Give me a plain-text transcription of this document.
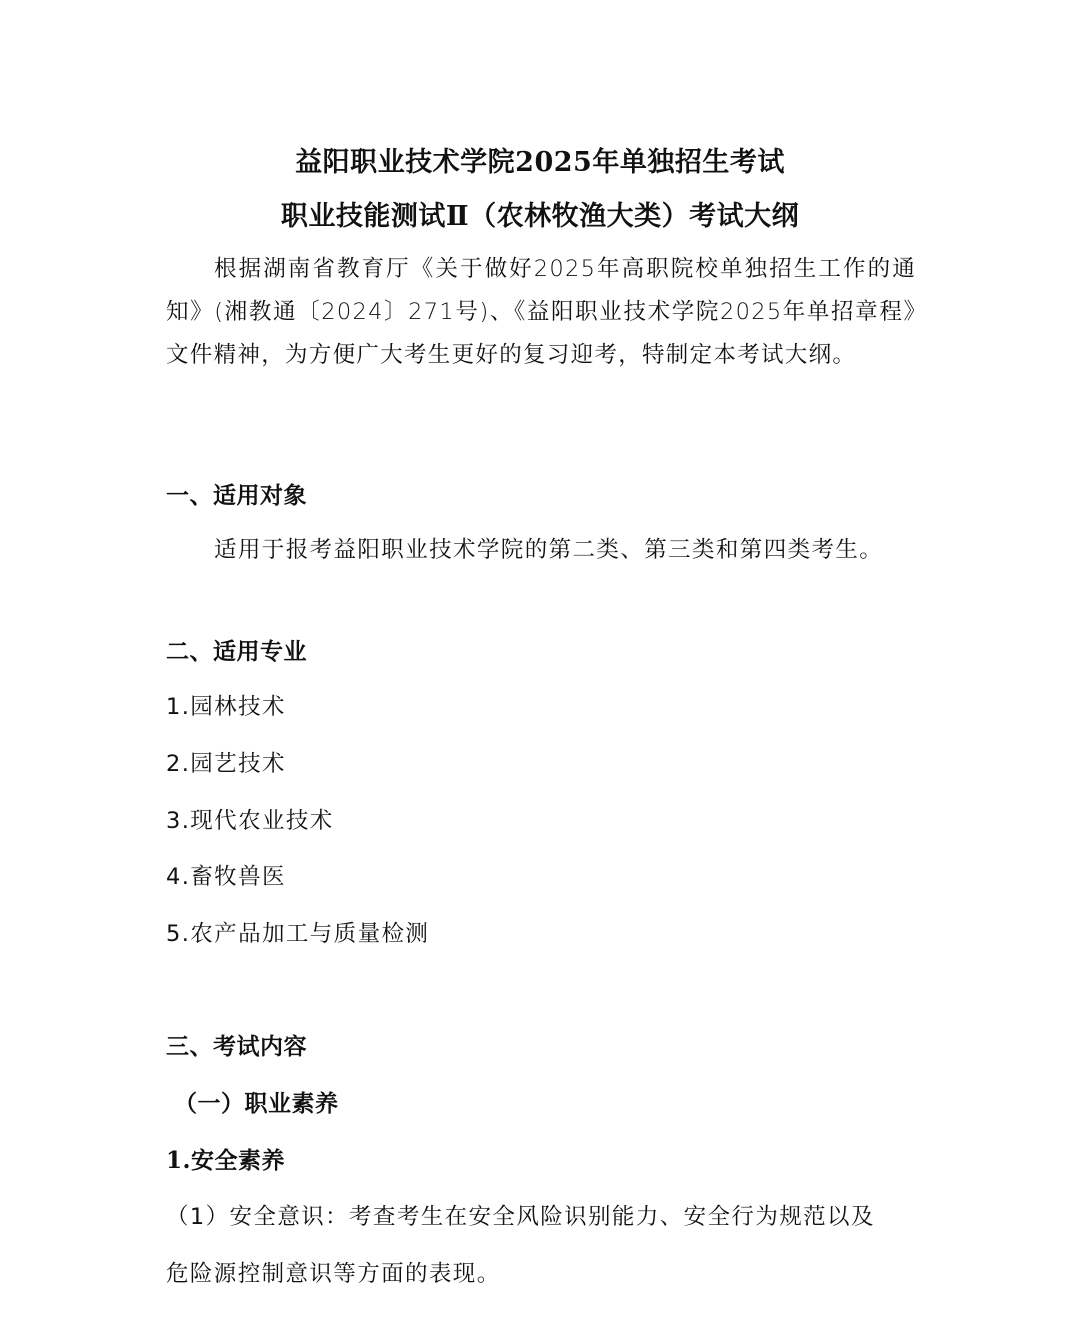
益阳职业技术学院2025年单独招生考试
职业技能测试Ⅱ（农林牧渔大类）考试大纲
根据湖南省教育厅《关于做好2025年高职院校单独招生工作的通知》(湘教通〔2024〕271号)、《益阳职业技术学院2025年单招章程》文件精神，为方便广大考生更好的复习迎考，特制定本考试大纲。
一、适用对象
适用于报考益阳职业技术学院的第二类、第三类和第四类考生。
二、适用专业
1.园林技术
2.园艺技术
3.现代农业技术
4.畜牧兽医
5.农产品加工与质量检测
三、考试内容
（一）职业素养
1.安全素养
（1）安全意识：考查考生在安全风险识别能力、安全行为规范以及
危险源控制意识等方面的表现。
